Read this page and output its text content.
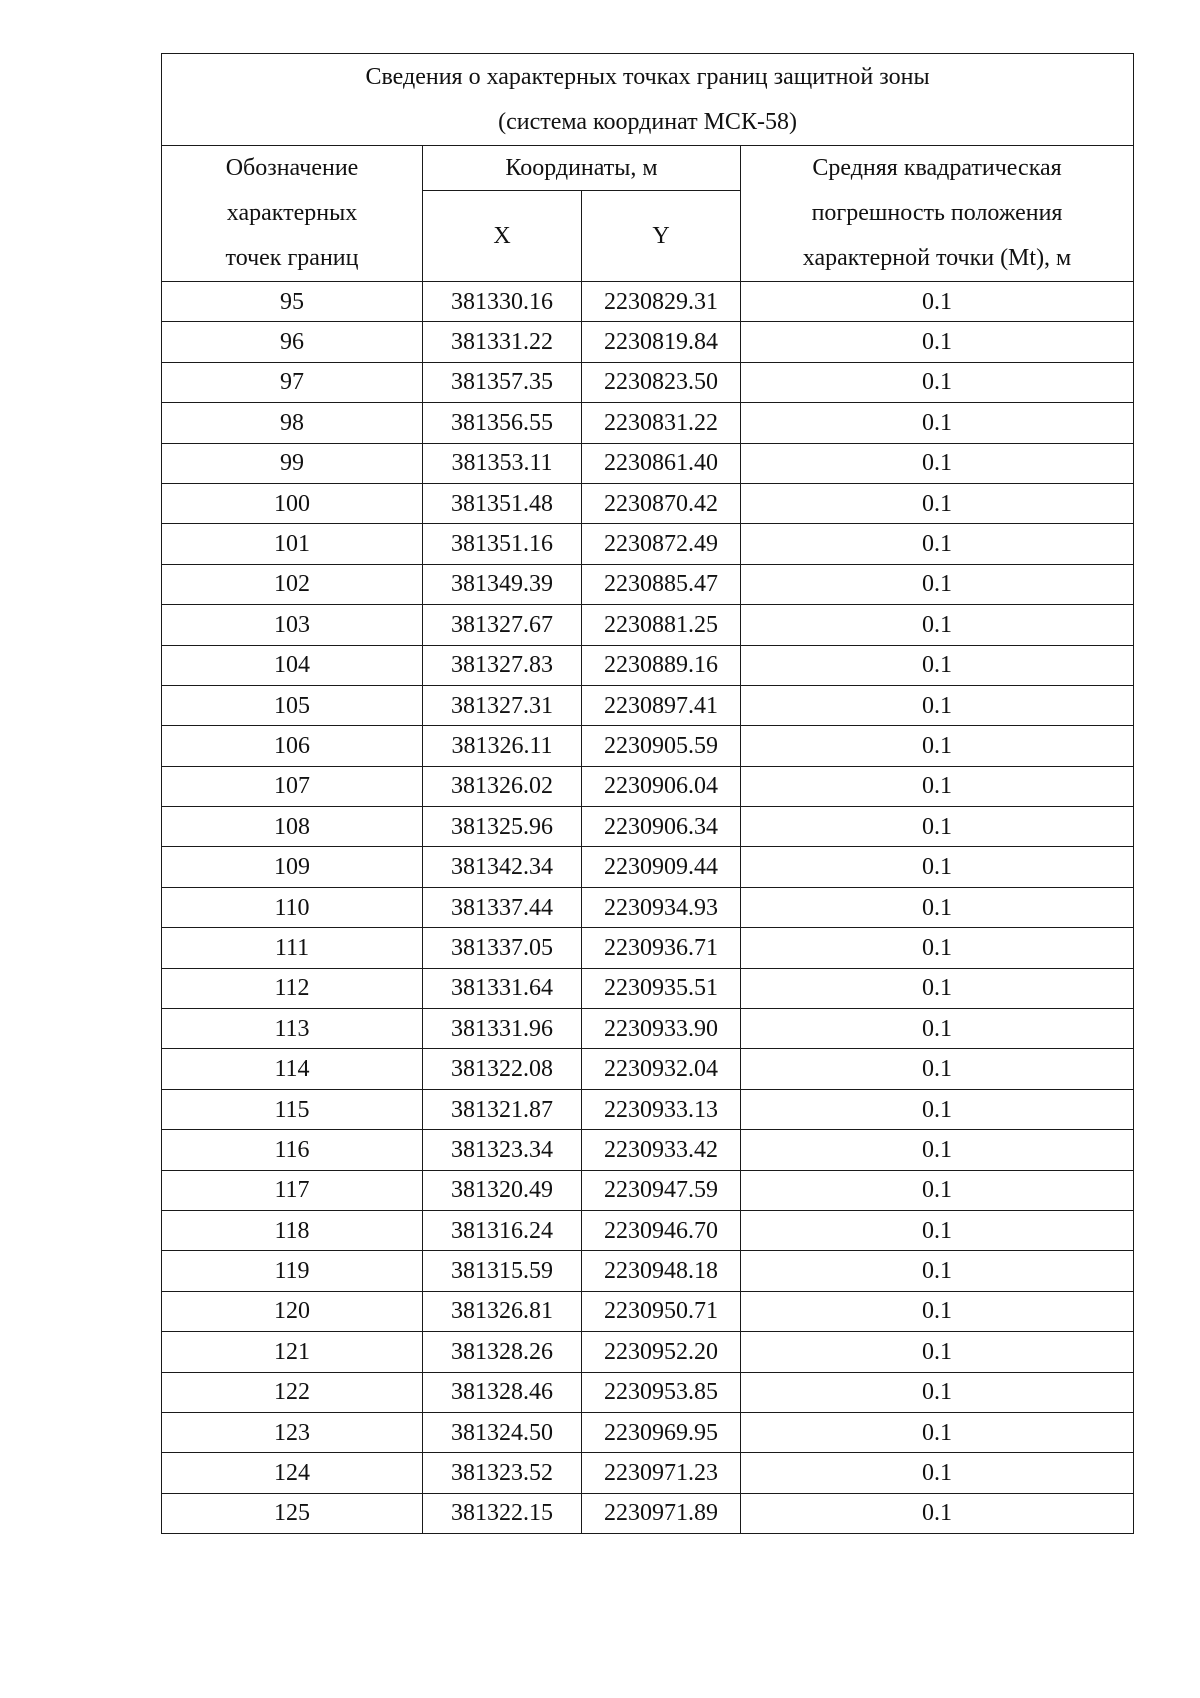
Сведения о характерных точках границ защитной зоны
(система координат МСК-58)			

Обозначение
характерных
точек границ	Координаты, м		Средняя квадратическая
погрешность положения
характерной точки (Mt), м

	X	Y	
95	381330.16	2230829.31	0.1
96	381331.22	2230819.84	0.1
97	381357.35	2230823.50	0.1
98	381356.55	2230831.22	0.1
99	381353.11	2230861.40	0.1
100	381351.48	2230870.42	0.1
101	381351.16	2230872.49	0.1
102	381349.39	2230885.47	0.1
103	381327.67	2230881.25	0.1
104	381327.83	2230889.16	0.1
105	381327.31	2230897.41	0.1
106	381326.11	2230905.59	0.1
107	381326.02	2230906.04	0.1
108	381325.96	2230906.34	0.1
109	381342.34	2230909.44	0.1
110	381337.44	2230934.93	0.1
111	381337.05	2230936.71	0.1
112	381331.64	2230935.51	0.1
113	381331.96	2230933.90	0.1
114	381322.08	2230932.04	0.1
115	381321.87	2230933.13	0.1
116	381323.34	2230933.42	0.1
117	381320.49	2230947.59	0.1
118	381316.24	2230946.70	0.1
119	381315.59	2230948.18	0.1
120	381326.81	2230950.71	0.1
121	381328.26	2230952.20	0.1
122	381328.46	2230953.85	0.1
123	381324.50	2230969.95	0.1
124	381323.52	2230971.23	0.1
125	381322.15	2230971.89	0.1
